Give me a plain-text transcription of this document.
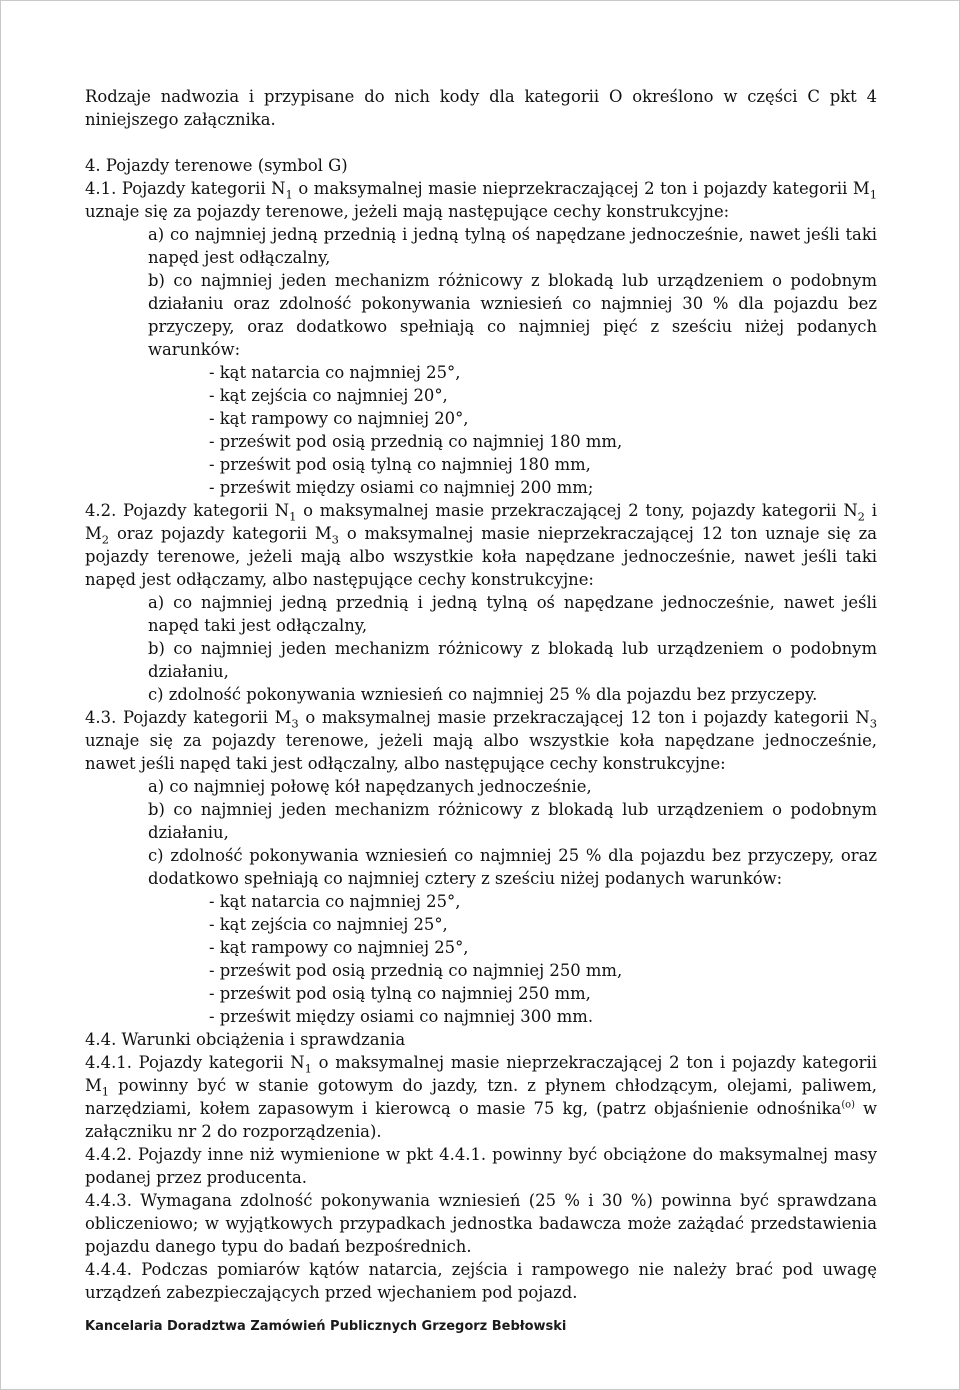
Rodzaje nadwozia i przypisane do nich kody dla kategorii O określono w części C pkt 4 niniejszego załącznika.

4. Pojazdy terenowe (symbol G)

4.1. Pojazdy kategorii $N_1$ o maksymalnej masie nieprzekraczającej 2 ton i pojazdy kategorii $M_1$ uznaje się za pojazdy terenowe, jeżeli mają następujące cechy konstrukcyjne:

a) co najmniej jedną przednią i jedną tylną oś napędzane jednocześnie, nawet jeśli taki napęd jest odłączalny,

b) co najmniej jeden mechanizm różnicowy z blokadą lub urządzeniem o podobnym działaniu oraz zdolność pokonywania wzniesień co najmniej 30 % dla pojazdu bez przyczepy, oraz dodatkowo spełniają co najmniej pięć z sześciu niżej podanych warunków:

- kąt natarcia co najmniej 25°,

- kąt zejścia co najmniej 20°,

- kąt rampowy co najmniej 20°,

- prześwit pod osią przednią co najmniej 180 mm,

- prześwit pod osią tylną co najmniej 180 mm,

- prześwit między osiami co najmniej 200 mm;

4.2. Pojazdy kategorii $N_1$ o maksymalnej masie przekraczającej 2 tony, pojazdy kategorii $N_2$ i $M_2$ oraz pojazdy kategorii $M_3$ o maksymalnej masie nieprzekraczającej 12 ton uznaje się za pojazdy terenowe, jeżeli mają albo wszystkie koła napędzane jednocześnie, nawet jeśli taki napęd jest odłączamy, albo następujące cechy konstrukcyjne:

a) co najmniej jedną przednią i jedną tylną oś napędzane jednocześnie, nawet jeśli napęd taki jest odłączalny,

b) co najmniej jeden mechanizm różnicowy z blokadą lub urządzeniem o podobnym działaniu,

c) zdolność pokonywania wzniesień co najmniej 25 % dla pojazdu bez przyczepy.

4.3. Pojazdy kategorii $M_3$ o maksymalnej masie przekraczającej 12 ton i pojazdy kategorii $N_3$ uznaje się za pojazdy terenowe, jeżeli mają albo wszystkie koła napędzane jednocześnie, nawet jeśli napęd taki jest odłączalny, albo następujące cechy konstrukcyjne:

a) co najmniej połowę kół napędzanych jednocześnie,

b) co najmniej jeden mechanizm różnicowy z blokadą lub urządzeniem o podobnym działaniu,

c) zdolność pokonywania wzniesień co najmniej 25 % dla pojazdu bez przyczepy, oraz dodatkowo spełniają co najmniej cztery z sześciu niżej podanych warunków:

- kąt natarcia co najmniej 25°,

- kąt zejścia co najmniej 25°,

- kąt rampowy co najmniej 25°,

- prześwit pod osią przednią co najmniej 250 mm,

- prześwit pod osią tylną co najmniej 250 mm,

- prześwit między osiami co najmniej 300 mm.

4.4. Warunki obciążenia i sprawdzania

4.4.1. Pojazdy kategorii $N_1$ o maksymalnej masie nieprzekraczającej 2 ton i pojazdy kategorii $M_1$ powinny być w stanie gotowym do jazdy, tzn. z płynem chłodzącym, olejami, paliwem, narzędziami, kołem zapasowym i kierowcą o masie 75 kg, (patrz objaśnienie odnośnika$^{(o)}$ w załączniku nr 2 do rozporządzenia).

4.4.2. Pojazdy inne niż wymienione w pkt 4.4.1. powinny być obciążone do maksymalnej masy podanej przez producenta.

4.4.3. Wymagana zdolność pokonywania wzniesień (25 % i 30 %) powinna być sprawdzana obliczeniowo; w wyjątkowych przypadkach jednostka badawcza może zażądać przedstawienia pojazdu danego typu do badań bezpośrednich.

4.4.4. Podczas pomiarów kątów natarcia, zejścia i rampowego nie należy brać pod uwagę urządzeń zabezpieczających przed wjechaniem pod pojazd.

Kancelaria Doradztwa Zamówień Publicznych Grzegorz Bebłowski
